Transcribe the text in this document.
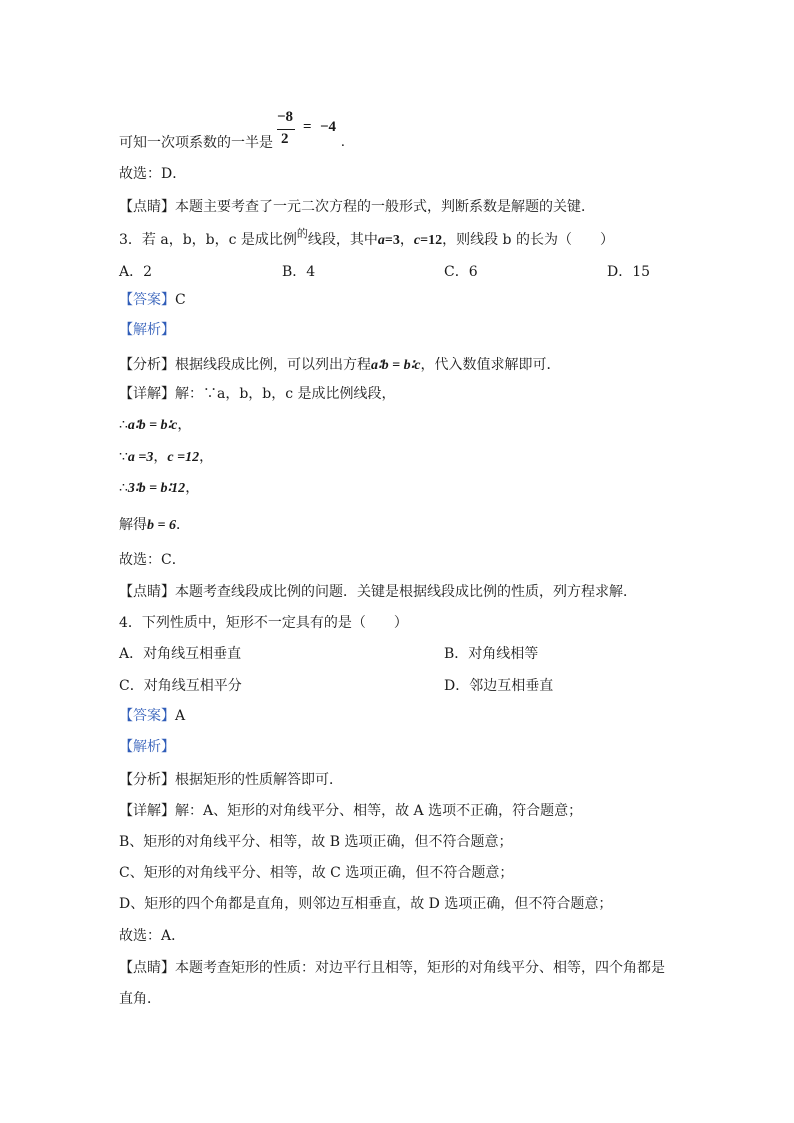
可知一次项系数的一半是
−8
2
= −4
.
故选：D．
【点睛】本题主要考查了一元二次方程的一般形式，判断系数是解题的关键．
3．若 a，b，b，c 是成比例$^的$线段，其中a=3，c=12，则线段 b 的长为（　　）
A．2	B．4	C．6	D．15
【答案】C
【解析】
【分析】根据线段成比例，可以列出方程a∶b = b∶c，代入数值求解即可．
【详解】解：∵a，b，b，c 是成比例线段，
∴a∶b = b∶c，
∵a =3，c =12，
∴3∶b = b∶12，
解得b = 6．
故选：C．
【点睛】本题考查线段成比例的问题．关键是根据线段成比例的性质，列方程求解．
4．下列性质中，矩形不一定具有的是（　　）
A．对角线互相垂直	B．对角线相等
C．对角线互相平分	D．邻边互相垂直
【答案】A
【解析】
【分析】根据矩形的性质解答即可．
【详解】解：A、矩形的对角线平分、相等，故 A 选项不正确，符合题意；
B、矩形的对角线平分、相等，故 B 选项正确，但不符合题意；
C、矩形的对角线平分、相等，故 C 选项正确，但不符合题意；
D、矩形的四个角都是直角，则邻边互相垂直，故 D 选项正确，但不符合题意；
故选：A．
【点睛】本题考查矩形的性质：对边平行且相等，矩形的对角线平分、相等，四个角都是
直角．
